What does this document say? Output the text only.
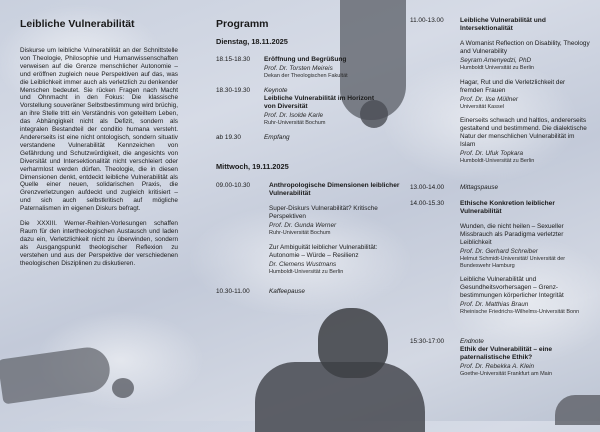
Leibliche Vulnerabilität

Diskurse um leibliche Vulnerabilität an der Schnittstelle von Theologie, Philosophie und Humanwissenschaften verweisen auf die Grenze menschlicher Autonomie – und eröffnen zugleich neue Perspektiven auf das, was die Leiblichkeit immer auch als verletzlich zu denkender Menschen bedeutet. Sie rücken Fragen nach Macht und Ohnmacht in den Fokus: Die klassische Vorstellung souveräner Selbstbestimmung wird brüchig, an ihre Stelle tritt ein Verständnis von geteiltem Leben, das Abhängigkeit nicht als Defizit, sondern als integralen Bestandteil der conditio humana versteht. Andererseits ist eine nicht ontologisch, sondern situativ verstandene Vulnerabilität Kennzeichen von Gefährdung und Schutzwürdigkeit, die angesichts von Diversität und Intersektionalität nicht verschleiert oder verharmlost werden dürfen. Theologie, die in diesen Dimensionen denkt, entdeckt leibliche Vulnerabilität als Quelle einer neuen, solidarischen Praxis, die Grenzverletzungen aufdeckt und zugleich kritisiert – und sich auch selbstkritisch auf mögliche Paternalismen im eigenen Diskurs befragt.

Die XXXIII. Werner-Reihlen-Vorlesungen schaffen Raum für den intertheologischen Austausch und laden dazu ein, Verletzlichkeit nicht zu überwinden, sondern als Ausgangspunkt theologischer Reflexion zu verstehen und aus der Perspektive der verschiedenen theologischen Disziplinen zu diskutieren.

Programm
Dienstag, 18.11.2025
18.15-18.30 Eröffnung und Begrüßung

Prof. Dr. Torsten Meireis

Dekan der Theologischen Fakultät

18.30-19.30 Keynote

Leibliche Vulnerabilität im Horizont von Diversität

Prof. Dr. Isolde Karle

Ruhr-Universität Bochum

ab 19.30	Empfang

Mittwoch, 19.11.2025
09.00-10.30	Anthropologische Dimensionen leiblicher Vulnerabilität

Super-Diskurs Vulnerabilität? Kritische Perspektiven

Prof. Dr. Gunda Werner

Ruhr-Universität Bochum

Zur Ambiguität leiblicher Vulnerabilität: Autonomie – Würde – Resilienz

Dr. Clemens Wustmans

Humboldt-Universität zu Berlin

10.30-11.00	Kaffeepause

11.00-13.00 Leibliche Vulnerabilität und Intersektionalität

A Womanist Reflection on Disability, Theology and Vulnerability

Seyram Amenyedzi, PhD

Humboldt Universität zu Berlin

Hagar, Rut und die Verletzlichkeit der fremden Frauen

Prof. Dr. Ilse Müllner

Universität Kassel

Einerseits schwach und haltlos, andererseits gestaltend und bestimmend. Die dialektische Natur der menschlichen Vulnerabilität im Islam

Prof. Dr. Ufuk Topkara

Humboldt-Universität zu Berlin

13.00-14.00 Mittagspause

14.00-15.30 Ethische Konkretion leiblicher Vulnerabilität

Wunden, die nicht heilen – Sexueller Missbrauch als Paradigma verletzter Leiblichkeit

Prof. Dr. Gerhard Schreiber

Helmut Schmidt-Universität/ Universität der Bundeswehr Hamburg

Leibliche Vulnerabilität und Gesundheitsvorhersagen – Grenz-bestimmungen körperlicher Integrität

Prof. Dr. Matthias Braun

Rheinische Friedrichs-Wilhelms-Universität Bonn

15:30-17:00 Endnote

Ethik der Vulnerabilität – eine paternalistische Ethik?

Prof. Dr. Rebekka A. Klein

Goethe-Universität Frankfurt am Main
